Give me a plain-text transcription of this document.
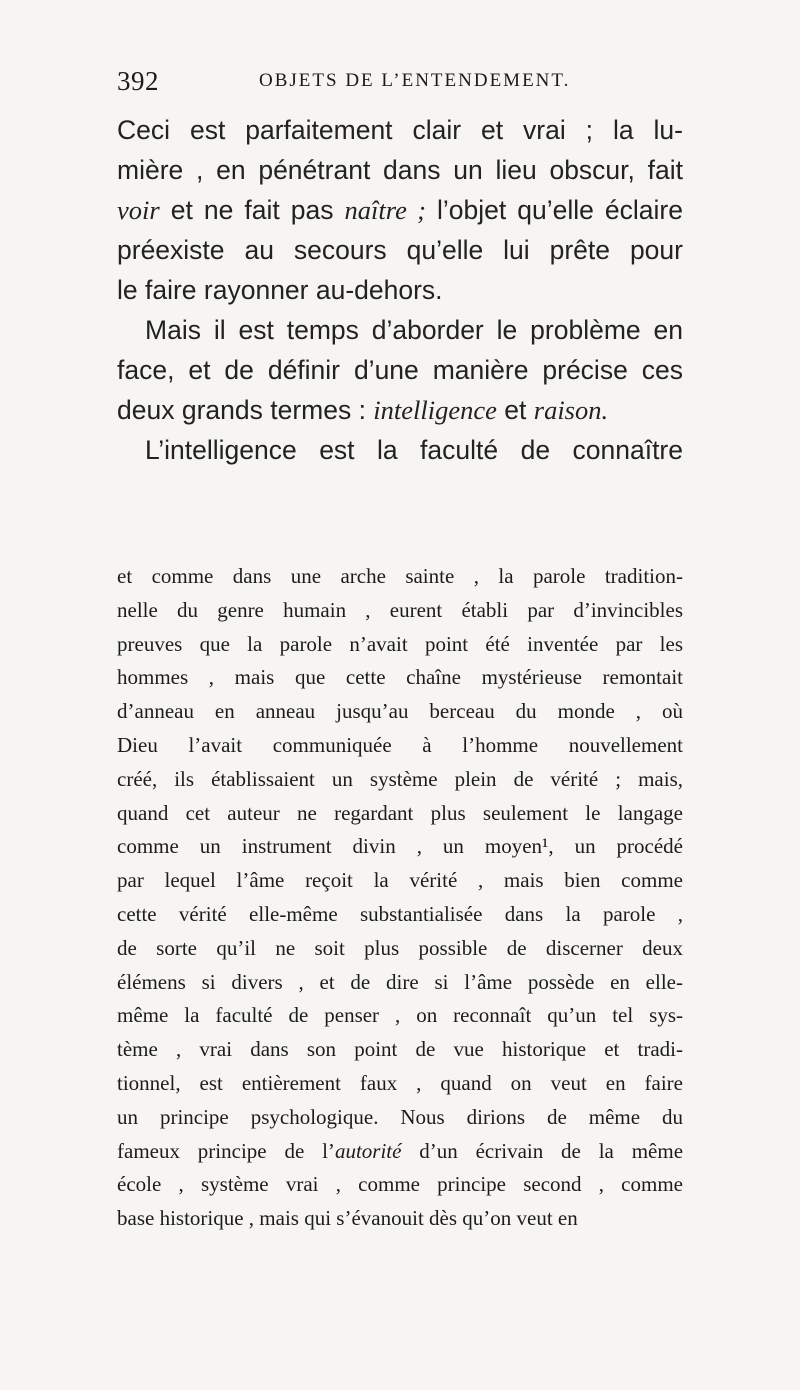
392	OBJETS DE L’ENTENDEMENT.
Ceci est parfaitement clair et vrai ; la lu-
mière , en pénétrant dans un lieu obscur, fait
voir et ne fait pas naître ; l’objet qu’elle éclaire
préexiste au secours qu’elle lui prête pour
le faire rayonner au-dehors.
Mais il est temps d’aborder le problème en
face, et de définir d’une manière précise ces
deux grands termes : intelligence et raison.
L’intelligence est la faculté de connaître
et comme dans une arche sainte , la parole tradition-
nelle du genre humain , eurent établi par d’invincibles
preuves que la parole n’avait point été inventée par les
hommes , mais que cette chaîne mystérieuse remontait
d’anneau en anneau jusqu’au berceau du monde , où
Dieu l’avait communiquée à l’homme nouvellement
créé, ils établissaient un système plein de vérité ; mais,
quand cet auteur ne regardant plus seulement le langage
comme un instrument divin , un moyen¹, un procédé
par lequel l’âme reçoit la vérité , mais bien comme
cette vérité elle-même substantialisée dans la parole ,
de sorte qu’il ne soit plus possible de discerner deux
élémens si divers , et de dire si l’âme possède en elle-
même la faculté de penser , on reconnaît qu’un tel sys-
tème , vrai dans son point de vue historique et tradi-
tionnel, est entièrement faux , quand on veut en faire
un principe psychologique. Nous dirions de même du
fameux principe de l’autorité d’un écrivain de la même
école , système vrai , comme principe second , comme
base historique , mais qui s’évanouit dès qu’on veut en
